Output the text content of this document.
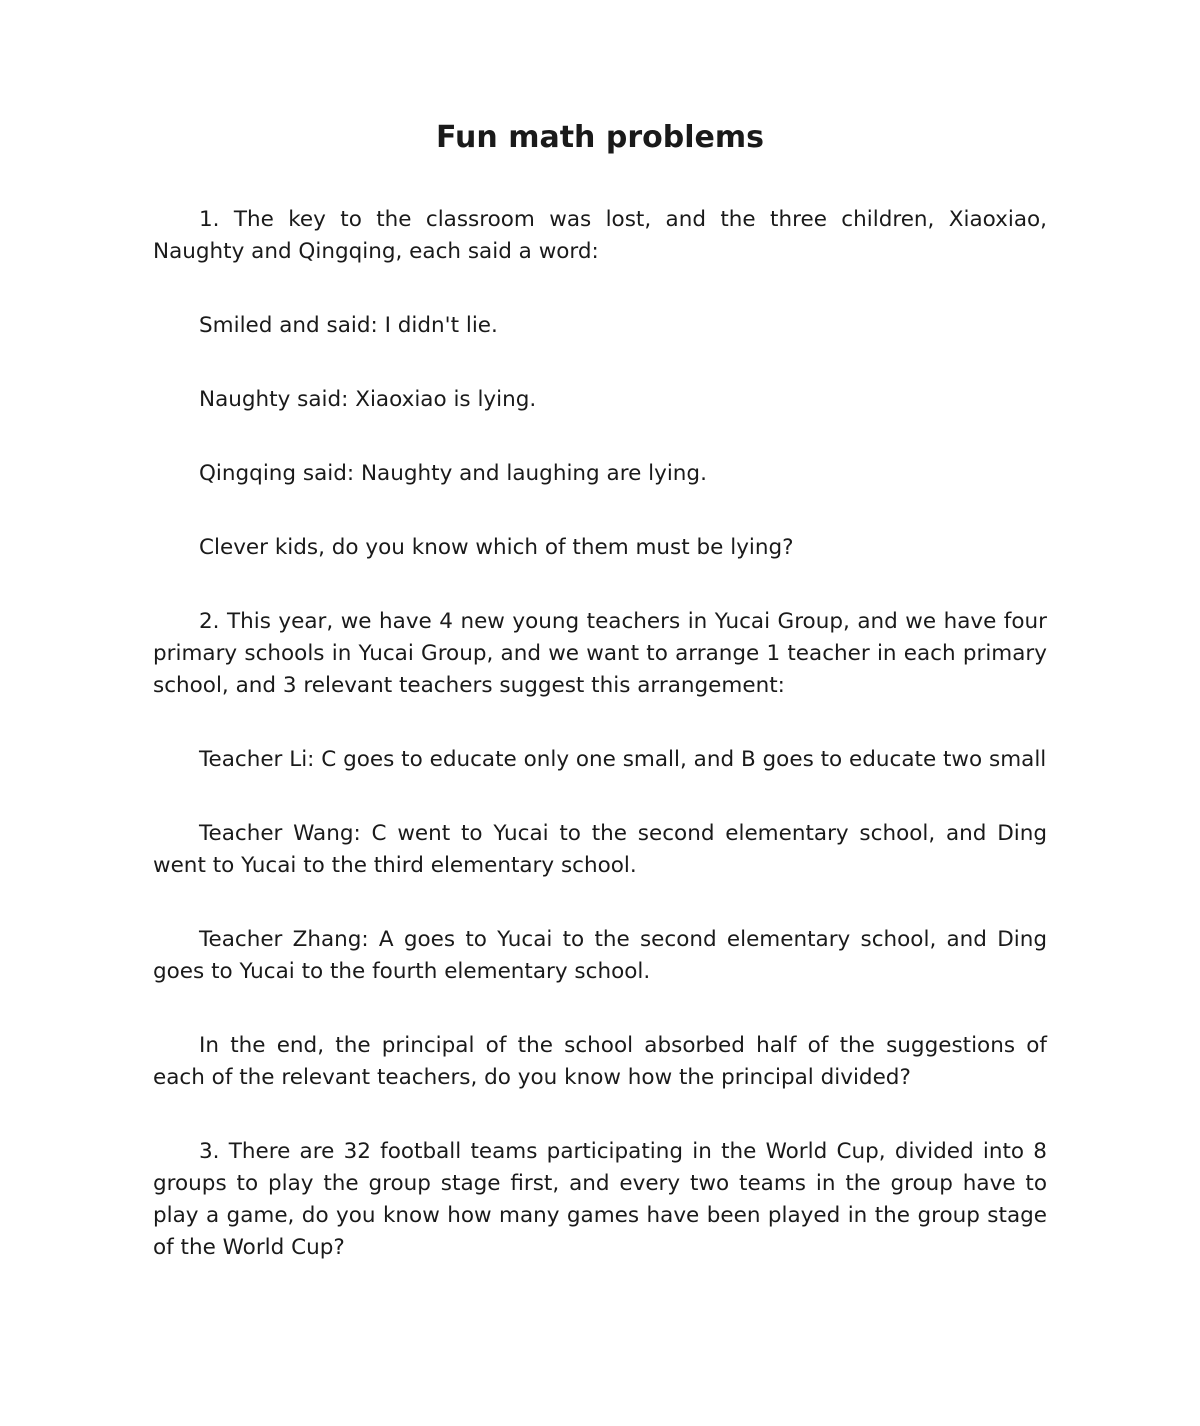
Fun math problems

1. The key to the classroom was lost, and the three children, Xiaoxiao, Naughty and Qingqing, each said a word:

Smiled and said: I didn't lie.

Naughty said: Xiaoxiao is lying.

Qingqing said: Naughty and laughing are lying.

Clever kids, do you know which of them must be lying?

2. This year, we have 4 new young teachers in Yucai Group, and we have four primary schools in Yucai Group, and we want to arrange 1 teacher in each primary school, and 3 relevant teachers suggest this arrangement:

Teacher Li: C goes to educate only one small, and B goes to educate two small

Teacher Wang: C went to Yucai to the second elementary school, and Ding went to Yucai to the third elementary school.

Teacher Zhang: A goes to Yucai to the second elementary school, and Ding goes to Yucai to the fourth elementary school.

In the end, the principal of the school absorbed half of the suggestions of each of the relevant teachers, do you know how the principal divided?

3. There are 32 football teams participating in the World Cup, divided into 8 groups to play the group stage first, and every two teams in the group have to play a game, do you know how many games have been played in the group stage of the World Cup?
